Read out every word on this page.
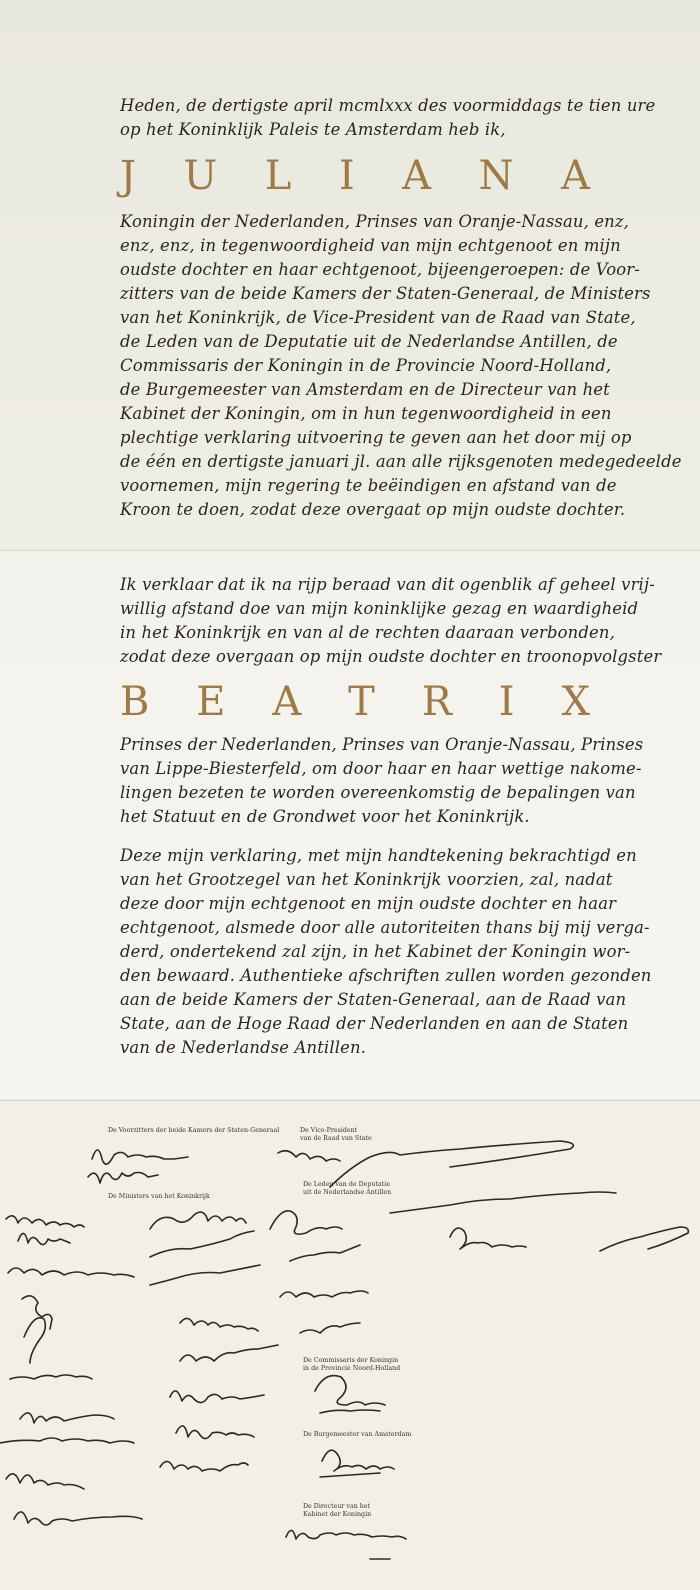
Heden, de dertigste april mcmlxxx des voormiddags te tien ure
op het Koninklijk Paleis te Amsterdam heb ik,

J U L I A N A

Koningin der Nederlanden, Prinses van Oranje-Nassau, enz,
enz, enz, in tegenwoordigheid van mijn echtgenoot en mijn
oudste dochter en haar echtgenoot, bijeengeroepen: de Voor-
zitters van de beide Kamers der Staten-Generaal, de Ministers
van het Koninkrijk, de Vice-President van de Raad van State,
de Leden van de Deputatie uit de Nederlandse Antillen, de
Commissaris der Koningin in de Provincie Noord-Holland,
de Burgemeester van Amsterdam en de Directeur van het
Kabinet der Koningin, om in hun tegenwoordigheid in een
plechtige verklaring uitvoering te geven aan het door mij op
de één en dertigste januari jl. aan alle rijksgenoten medegedeelde
voornemen, mijn regering te beëindigen en afstand van de
Kroon te doen, zodat deze overgaat op mijn oudste dochter.

Ik verklaar dat ik na rijp beraad van dit ogenblik af geheel vrij-
willig afstand doe van mijn koninklijke gezag en waardigheid
in het Koninkrijk en van al de rechten daaraan verbonden,
zodat deze overgaan op mijn oudste dochter en troonopvolgster

B E A T R I X

Prinses der Nederlanden, Prinses van Oranje-Nassau, Prinses
van Lippe-Biesterfeld, om door haar en haar wettige nakome-
lingen bezeten te worden overeenkomstig de bepalingen van
het Statuut en de Grondwet voor het Koninkrijk.

Deze mijn verklaring, met mijn handtekening bekrachtigd en
van het Grootzegel van het Koninkrijk voorzien, zal, nadat
deze door mijn echtgenoot en mijn oudste dochter en haar
echtgenoot, alsmede door alle autoriteiten thans bij mij verga-
derd, ondertekend zal zijn, in het Kabinet der Koningin wor-
den bewaard. Authentieke afschriften zullen worden gezonden
aan de beide Kamers der Staten-Generaal, aan de Raad van
State, aan de Hoge Raad der Nederlanden en aan de Staten
van de Nederlandse Antillen.

De Voorzitters der beide Kamers der Staten-Generaal	De Vice-President
van de Raad van State
De Ministers van het Koninkrijk
De Leden van de Deputatie
uit de Nederlandse Antillen
De Commissaris der Koningin
in de Provincie Noord-Holland
De Burgemeester van Amsterdam
De Directeur van het
Kabinet der Koningin
